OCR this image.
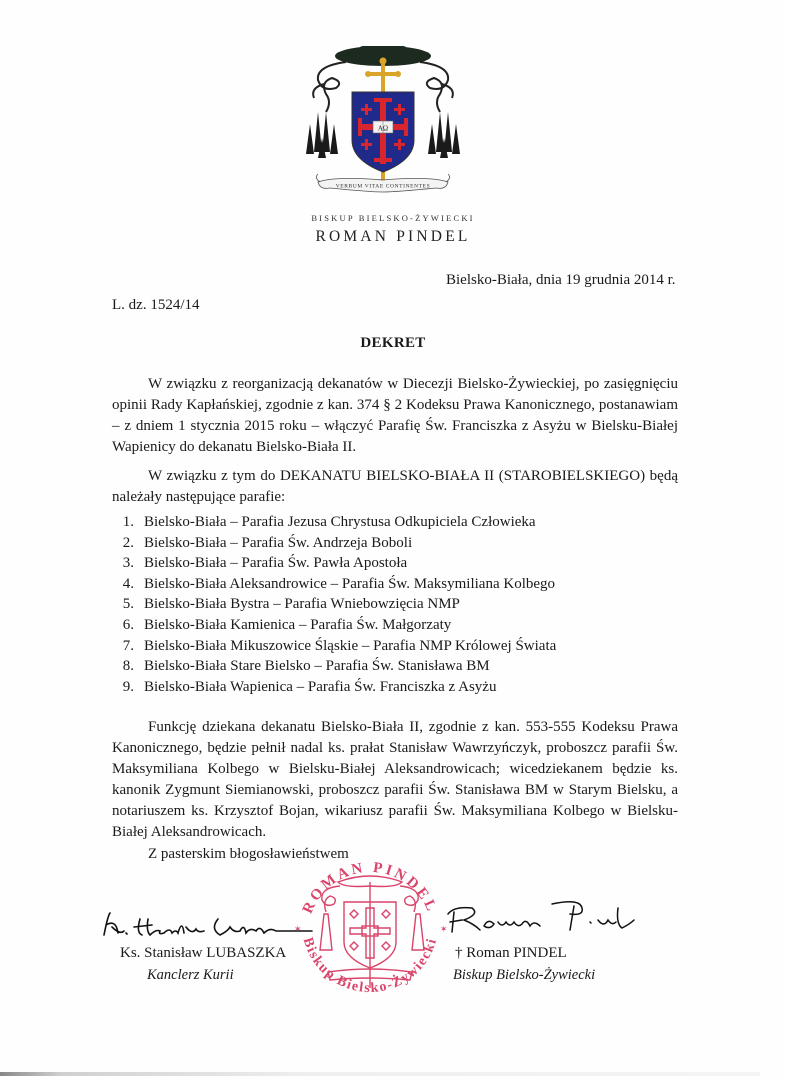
AΩ
VERBUM VITAE CONTINENTES
BISKUP BIELSKO-ŻYWIECKI
ROMAN PINDEL
Bielsko-Biała, dnia 19 grudnia 2014 r.
L. dz. 1524/14
DEKRET
W związku z reorganizacją dekanatów w Diecezji Bielsko-Żywieckiej, po zasięgnięciu opinii Rady Kapłańskiej, zgodnie z kan. 374 § 2 Kodeksu Prawa Kanonicznego, postanawiam – z dniem 1 stycznia 2015 roku – włączyć Parafię Św. Franciszka z Asyżu w Bielsku-Białej Wapienicy do dekanatu Bielsko-Biała II.
W związku z tym do DEKANATU BIELSKO-BIAŁA II (STAROBIELSKIEGO) będą należały następujące parafie:
1. Bielsko-Biała – Parafia Jezusa Chrystusa Odkupiciela Człowieka
2. Bielsko-Biała – Parafia Św. Andrzeja Boboli
3. Bielsko-Biała – Parafia Św. Pawła Apostoła
4. Bielsko-Biała Aleksandrowice – Parafia Św. Maksymiliana Kolbego
5. Bielsko-Biała Bystra – Parafia Wniebowzięcia NMP
6. Bielsko-Biała Kamienica – Parafia Św. Małgorzaty
7. Bielsko-Biała Mikuszowice Śląskie – Parafia NMP Królowej Świata
8. Bielsko-Biała Stare Bielsko – Parafia Św. Stanisława BM
9. Bielsko-Biała Wapienica – Parafia Św. Franciszka z Asyżu
Funkcję dziekana dekanatu Bielsko-Biała II, zgodnie z kan. 553-555 Kodeksu Prawa Kanonicznego, będzie pełnił nadal ks. prałat Stanisław Wawrzyńczyk, proboszcz parafii Św. Maksymiliana Kolbego w Bielsku-Białej Aleksandrowicach; wicedziekanem będzie ks. kanonik Zygmunt Siemianowski, proboszcz parafii Św. Stanisława BM w Starym Bielsku, a notariuszem ks. Krzysztof Bojan, wikariusz parafii Św. Maksymiliana Kolbego w Bielsku-Białej Aleksandrowicach.
Z pasterskim błogosławieństwem
Ks. Stanisław LUBASZKA
Kanclerz Kurii
† Roman PINDEL
Biskup Bielsko-Żywiecki
ROMAN PINDEL
Biskup Bielsko-Żywiecki
✶	✶
